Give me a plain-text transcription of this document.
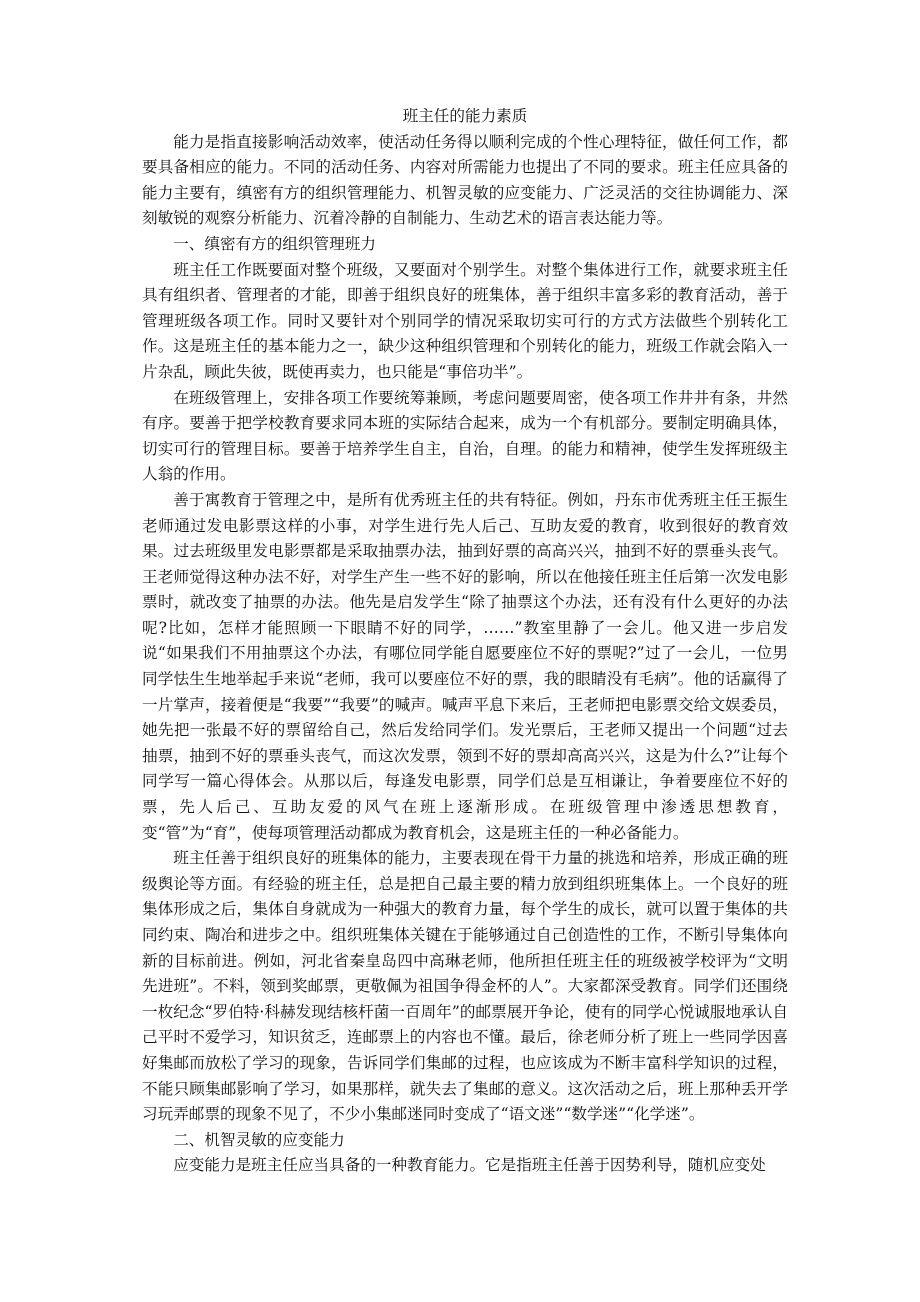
班主任的能力素质

能力是指直接影响活动效率，使活动任务得以顺利完成的个性心理特征，做任何工作，都要具备相应的能力。不同的活动任务、内容对所需能力也提出了不同的要求。班主任应具备的能力主要有，缜密有方的组织管理能力、机智灵敏的应变能力、广泛灵活的交往协调能力、深刻敏锐的观察分析能力、沉着冷静的自制能力、生动艺术的语言表达能力等。

一、缜密有方的组织管理班力

班主任工作既要面对整个班级，又要面对个别学生。对整个集体进行工作，就要求班主任具有组织者、管理者的才能，即善于组织良好的班集体，善于组织丰富多彩的教育活动，善于管理班级各项工作。同时又要针对个别同学的情况采取切实可行的方式方法做些个别转化工作。这是班主任的基本能力之一，缺少这种组织管理和个别转化的能力，班级工作就会陷入一片杂乱，顾此失彼，既使再卖力，也只能是“事倍功半”。

在班级管理上，安排各项工作要统筹兼顾，考虑问题要周密，使各项工作井井有条，井然有序。要善于把学校教育要求同本班的实际结合起来，成为一个有机部分。要制定明确具体，切实可行的管理目标。要善于培养学生自主，自治，自理。的能力和精神，使学生发挥班级主人翁的作用。

善于寓教育于管理之中，是所有优秀班主任的共有特征。例如，丹东市优秀班主任王振生老师通过发电影票这样的小事，对学生进行先人后己、互助友爱的教育，收到很好的教育效果。过去班级里发电影票都是采取抽票办法，抽到好票的高高兴兴，抽到不好的票垂头丧气。王老师觉得这种办法不好，对学生产生一些不好的影响，所以在他接任班主任后第一次发电影票时，就改变了抽票的办法。他先是启发学生“除了抽票这个办法，还有没有什么更好的办法呢?比如，怎样才能照顾一下眼睛不好的同学，……”教室里静了一会儿。他又进一步启发说“如果我们不用抽票这个办法，有哪位同学能自愿要座位不好的票呢?”过了一会儿，一位男同学怯生生地举起手来说“老师，我可以要座位不好的票，我的眼睛没有毛病”。他的话赢得了一片掌声，接着便是“我要”“我要”的喊声。喊声平息下来后，王老师把电影票交给文娱委员，她先把一张最不好的票留给自己，然后发给同学们。发光票后，王老师又提出一个问题“过去抽票，抽到不好的票垂头丧气，而这次发票，领到不好的票却高高兴兴，这是为什么?”让每个同学写一篇心得体会。从那以后，每逢发电影票，同学们总是互相谦让，争着要座位不好的票，先人后己、互助友爱的风气在班上逐渐形成。在班级管理中渗透思想教育，变“管”为“育”，使每项管理活动都成为教育机会，这是班主任的一种必备能力。

班主任善于组织良好的班集体的能力，主要表现在骨干力量的挑选和培养，形成正确的班级舆论等方面。有经验的班主任，总是把自己最主要的精力放到组织班集体上。一个良好的班集体形成之后，集体自身就成为一种强大的教育力量，每个学生的成长，就可以置于集体的共同约束、陶冶和进步之中。组织班集体关键在于能够通过自己创造性的工作，不断引导集体向新的目标前进。例如，河北省秦皇岛四中高琳老师，他所担任班主任的班级被学校评为“文明先进班”。不料，领到奖邮票，更敬佩为祖国争得金杯的人”。大家都深受教育。同学们还围绕一枚纪念“罗伯特·科赫发现结核杆菌一百周年”的邮票展开争论，使有的同学心悦诚服地承认自己平时不爱学习，知识贫乏，连邮票上的内容也不懂。最后，徐老师分析了班上一些同学因喜好集邮而放松了学习的现象，告诉同学们集邮的过程，也应该成为不断丰富科学知识的过程，不能只顾集邮影响了学习，如果那样，就失去了集邮的意义。这次活动之后，班上那种丢开学习玩弄邮票的现象不见了，不少小集邮迷同时变成了“语文迷”“数学迷”“化学迷”。

二、机智灵敏的应变能力

应变能力是班主任应当具备的一种教育能力。它是指班主任善于因势利导，随机应变处
